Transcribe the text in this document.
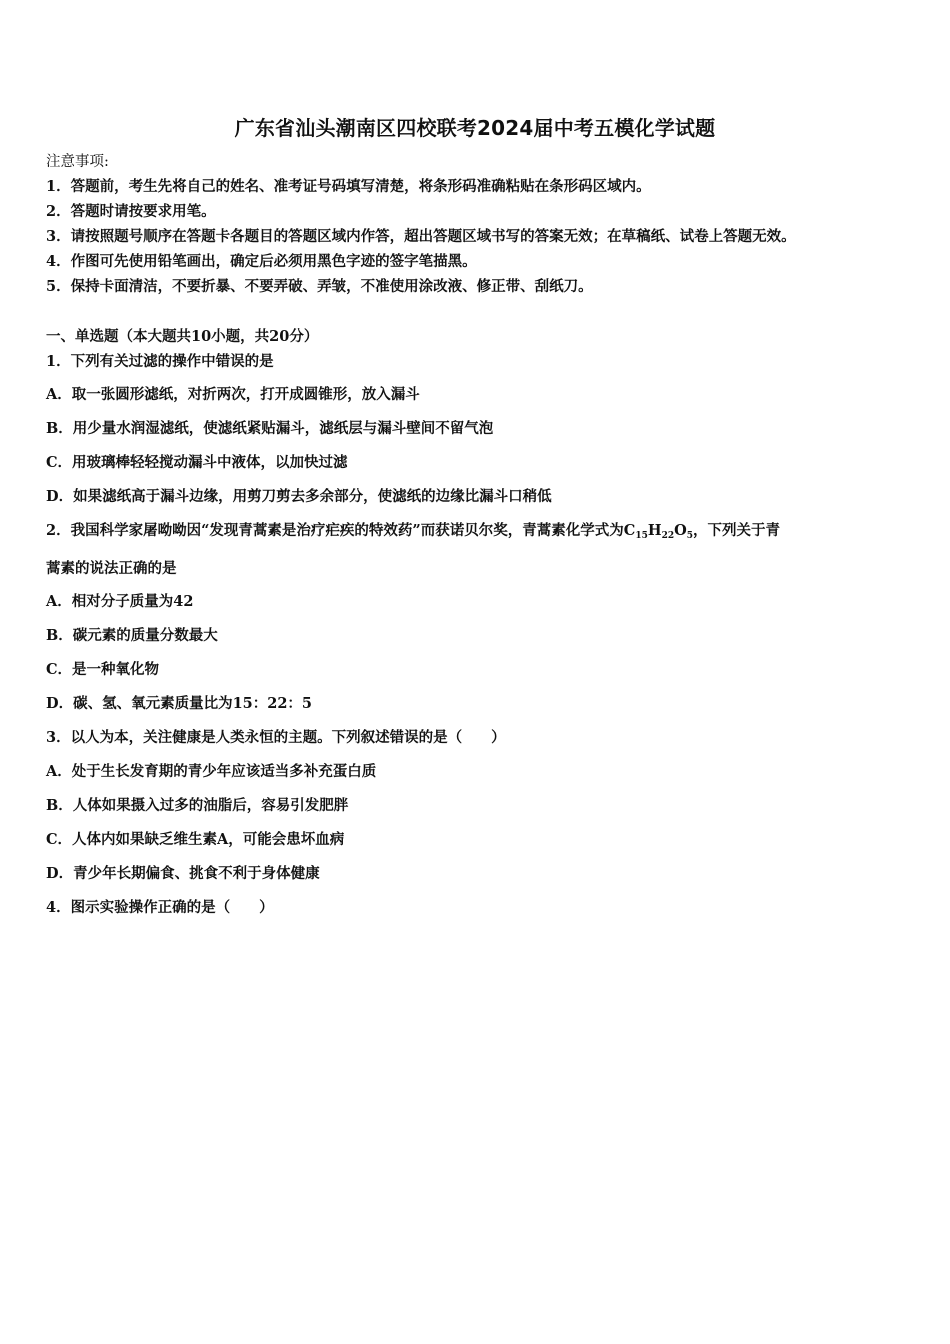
广东省汕头潮南区四校联考2024届中考五模化学试题
注意事项:
1．答题前，考生先将自己的姓名、准考证号码填写清楚，将条形码准确粘贴在条形码区域内。
2．答题时请按要求用笔。
3．请按照题号顺序在答题卡各题目的答题区域内作答，超出答题区域书写的答案无效；在草稿纸、试卷上答题无效。
4．作图可先使用铅笔画出，确定后必须用黑色字迹的签字笔描黑。
5．保持卡面清洁，不要折暴、不要弄破、弄皱，不准使用涂改液、修正带、刮纸刀。
一、单选题（本大题共10小题，共20分）
1．下列有关过滤的操作中错误的是
A．取一张圆形滤纸，对折两次，打开成圆锥形，放入漏斗
B．用少量水润湿滤纸，使滤纸紧贴漏斗，滤纸层与漏斗壁间不留气泡
C．用玻璃棒轻轻搅动漏斗中液体，以加快过滤
D．如果滤纸高于漏斗边缘，用剪刀剪去多余部分，使滤纸的边缘比漏斗口稍低
2．我国科学家屠呦呦因“发现青蒿素是治疗疟疾的特效药”而获诺贝尔奖，青蒿素化学式为$C_{15}H_{22}O_5$，下列关于青
蒿素的说法正确的是
A．相对分子质量为42
B．碳元素的质量分数最大
C．是一种氧化物
D．碳、氢、氧元素质量比为15：22：5
3．以人为本，关注健康是人类永恒的主题。下列叙述错误的是（　　）
A．处于生长发育期的青少年应该适当多补充蛋白质
B．人体如果摄入过多的油脂后，容易引发肥胖
C．人体内如果缺乏维生素A，可能会患坏血病
D．青少年长期偏食、挑食不利于身体健康
4．图示实验操作正确的是（　　）
